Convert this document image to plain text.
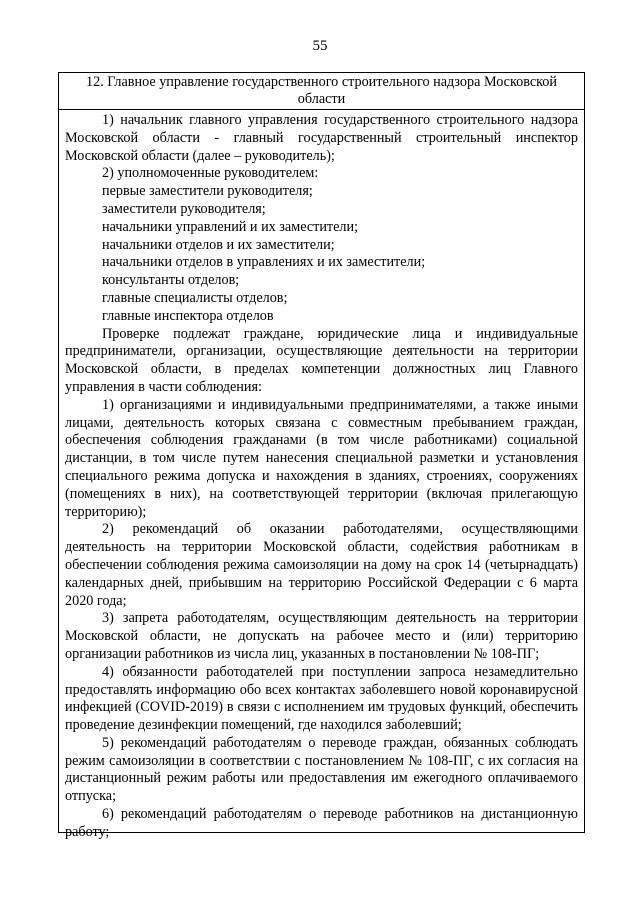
55
12. Главное управление государственного строительного надзора Московской области

1) начальник главного управления государственного строительного надзора Московской области - главный государственный строительный инспектор Московской области (далее – руководитель);

2) уполномоченные руководителем:

первые заместители руководителя;

заместители руководителя;

начальники управлений и их заместители;

начальники отделов и их заместители;

начальники отделов в управлениях и их заместители;

консультанты отделов;

главные специалисты отделов;

главные инспектора отделов

Проверке подлежат граждане, юридические лица и индивидуальные предприниматели, организации, осуществляющие деятельности на территории Московской области, в пределах компетенции должностных лиц Главного управления в части соблюдения:

1) организациями и индивидуальными предпринимателями, а также иными лицами, деятельность которых связана с совместным пребыванием граждан, обеспечения соблюдения гражданами (в том числе работниками) социальной дистанции, в том числе путем нанесения специальной разметки и установления специального режима допуска и нахождения в зданиях, строениях, сооружениях (помещениях в них), на соответствующей территории (включая прилегающую территорию);

2) рекомендаций об оказании работодателями, осуществляющими деятельность на территории Московской области, содействия работникам в обеспечении соблюдения режима самоизоляции на дому на срок 14 (четырнадцать) календарных дней, прибывшим на территорию Российской Федерации с 6 марта 2020 года;

3) запрета работодателям, осуществляющим деятельность на территории Московской области, не допускать на рабочее место и (или) территорию организации работников из числа лиц, указанных в постановлении № 108-ПГ;

4) обязанности работодателей при поступлении запроса незамедлительно предоставлять информацию обо всех контактах заболевшего новой коронавирусной инфекцией (COVID-2019) в связи с исполнением им трудовых функций, обеспечить проведение дезинфекции помещений, где находился заболевший;

5) рекомендаций работодателям о переводе граждан, обязанных соблюдать режим самоизоляции в соответствии с постановлением № 108-ПГ, с их согласия на дистанционный режим работы или предоставления им ежегодного оплачиваемого отпуска;

6) рекомендаций работодателям о переводе работников на дистанционную работу;
